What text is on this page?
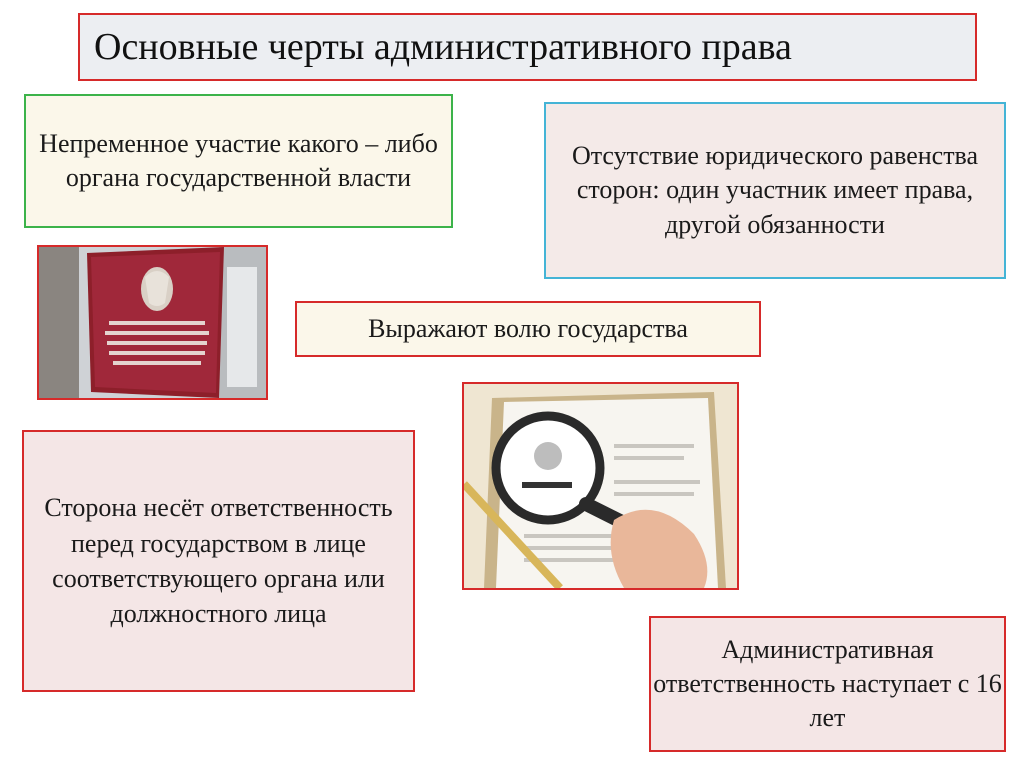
Основные черты административного права
Непременное участие какого – либо органа государственной власти
Отсутствие юридического равенства сторон: один участник имеет права, другой обязанности
Выражают волю государства
Сторона несёт ответственность перед государством в лице соответствующего органа или должностного лица
Административная ответственность наступает с 16 лет
